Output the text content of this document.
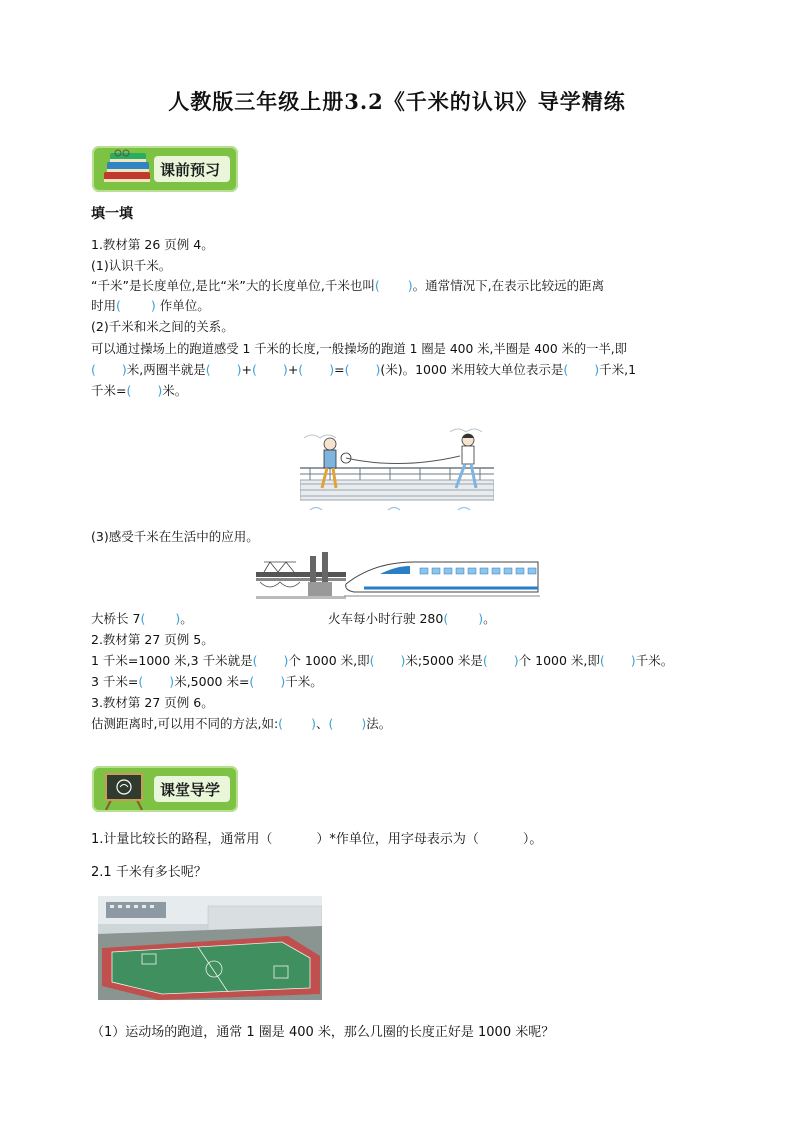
人教版三年级上册3.2《千米的认识》导学精练
课前预习
填一填
1.教材第 26 页例 4。
(1)认识千米。
“千米”是长度单位,是比“米”大的长度单位,千米也叫( )。通常情况下,在表示比较远的距离
时用( ) 作单位。
(2)千米和米之间的关系。
可以通过操场上的跑道感受 1 千米的长度,一般操场的跑道 1 圈是 400 米,半圈是 400 米的一半,即
( )米,两圈半就是( )+( )+( )=( )(米)。1000 米用较大单位表示是( )千米,1
千米=( )米。
(3)感受千米在生活中的应用。
大桥长 7( )。	火车每小时行驶 280( )。
2.教材第 27 页例 5。
1 千米=1000 米,3 千米就是( )个 1000 米,即( )米;5000 米是( )个 1000 米,即( )千米。
3 千米=( )米,5000 米=( )千米。
3.教材第 27 页例 6。
估测距离时,可以用不同的方法,如:( )、( )法。
课堂导学
1.计量比较长的路程，通常用（	）*作单位，用字母表示为（	）。
2.1 千米有多长呢？
（1）运动场的跑道，通常 1 圈是 400 米，那么几圈的长度正好是 1000 米呢？
